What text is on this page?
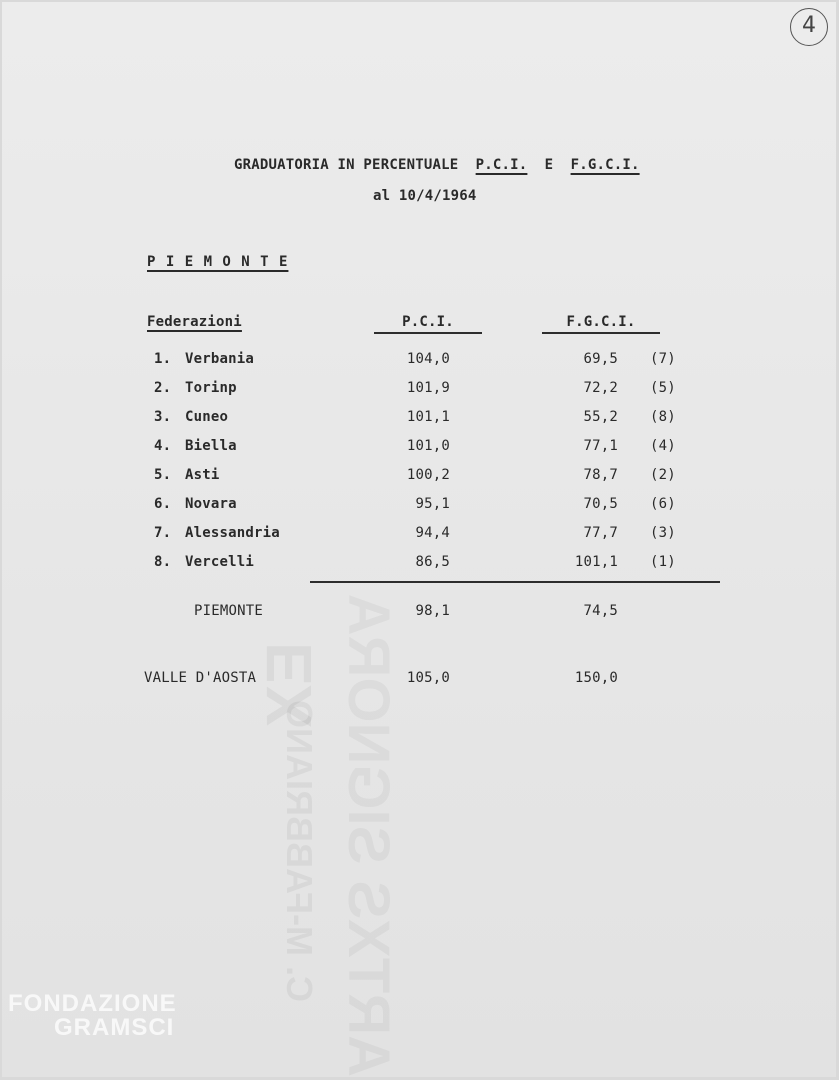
EX ARTXS SIGNORA
C. M-FABBRIANO
4
GRADUATORIA IN PERCENTUALE P.C.I. E F.G.C.I.
al 10/4/1964
P I E M O N T E
Federazioni	P.C.I.	F.G.C.I.
1. Verbania	104,0	69,5 (7)
2. Torinp	101,9	72,2 (5)
3. Cuneo	101,1	55,2 (8)
4. Biella	101,0	77,1 (4)
5. Asti	100,2	78,7 (2)
6. Novara	95,1	70,5 (6)
7. Alessandria	94,4	77,7 (3)
8. Vercelli	86,5	101,1 (1)
PIEMONTE	98,1	74,5
VALLE D'AOSTA	105,0	150,0
FONDAZIONE
GRAMSCI
